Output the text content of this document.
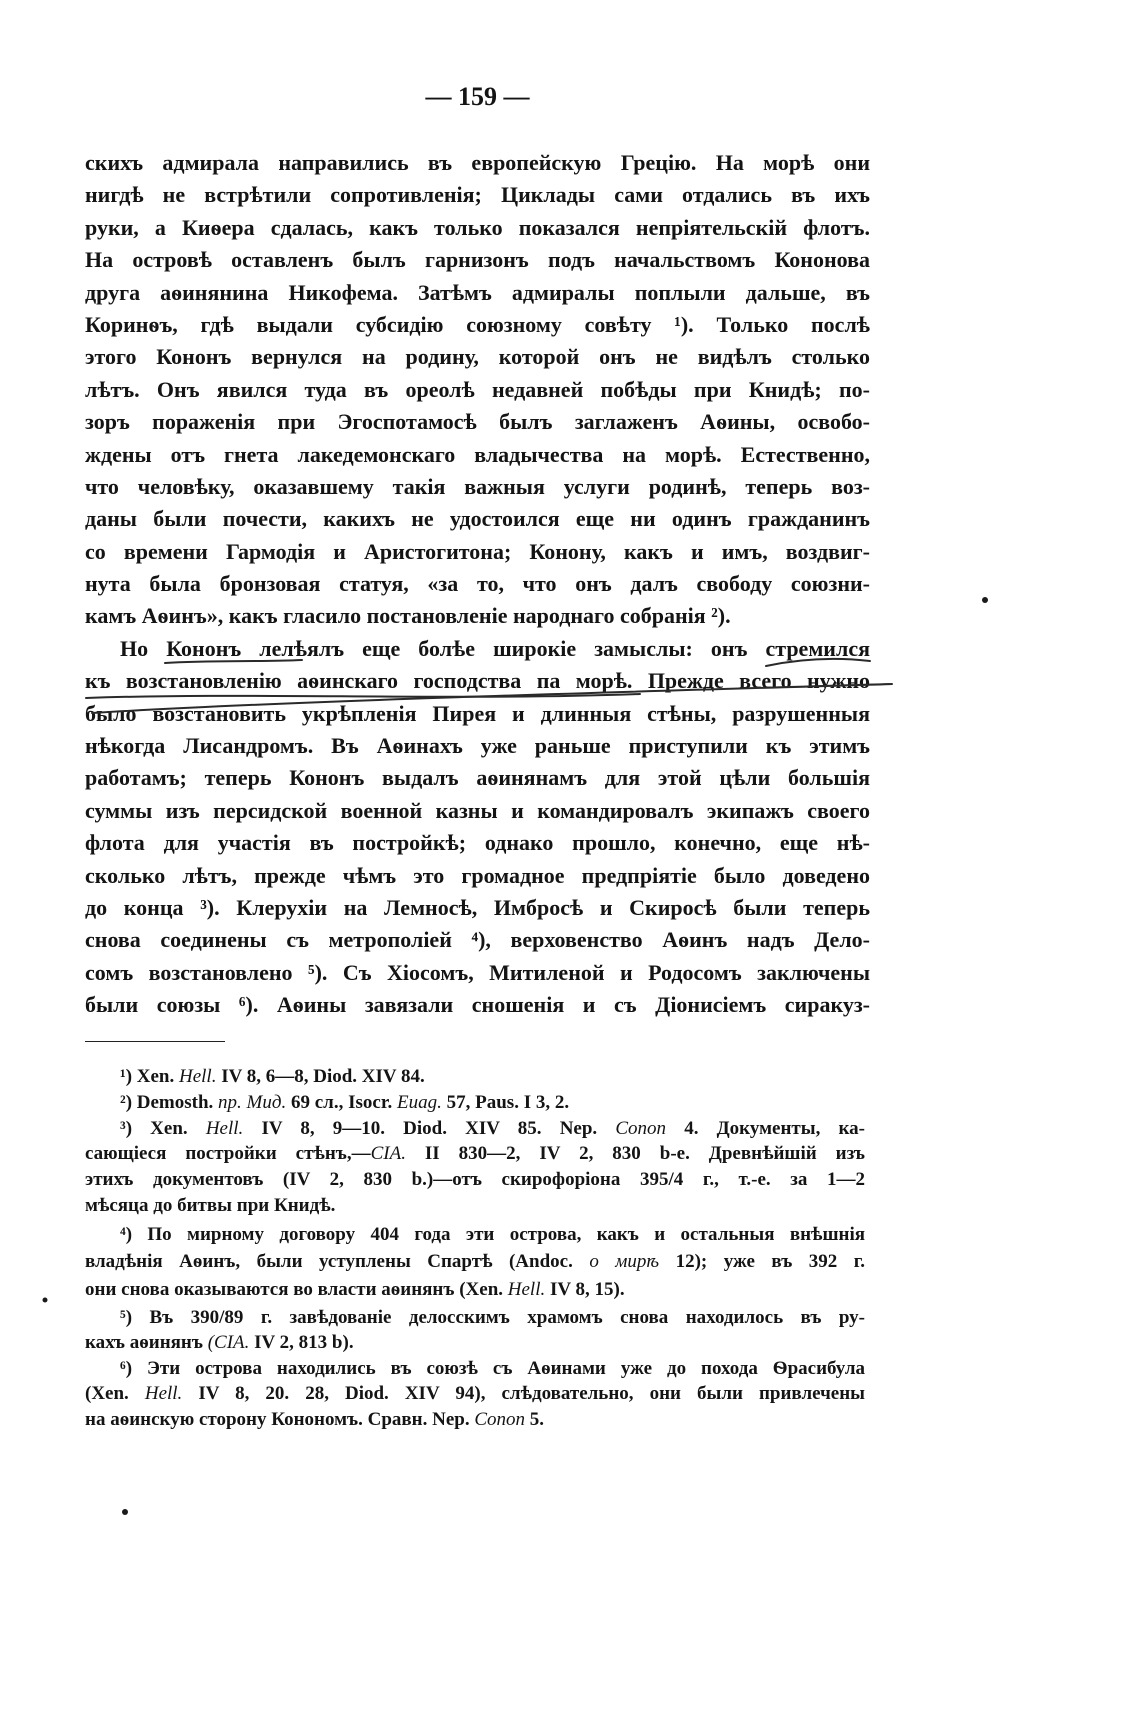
— 159 —
скихъ адмирала направились въ европейскую Грецію. На морѣ они
нигдѣ не встрѣтили сопротивленія; Циклады сами отдались въ ихъ
руки, а Киѳера сдалась, какъ только показался непріятельскій флотъ.
На островѣ оставленъ былъ гарнизонъ подъ начальствомъ Кононова
друга аѳинянина Никофема. Затѣмъ адмиралы поплыли дальше, въ
Коринѳъ, гдѣ выдали субсидію союзному совѣту ¹). Только послѣ
этого Кононъ вернулся на родину, которой онъ не видѣлъ столько
лѣтъ. Онъ явился туда въ ореолѣ недавней побѣды при Книдѣ; по-
зоръ пораженія при Эгоспотамосѣ былъ заглаженъ Аѳины, освобо-
ждены отъ гнета лакедемонскаго владычества на морѣ. Естественно,
что человѣку, оказавшему такія важныя услуги родинѣ, теперь воз-
даны были почести, какихъ не удостоился еще ни одинъ гражданинъ
со времени Гармодія и Аристогитона; Конону, какъ и имъ, воздвиг-
нута была бронзовая статуя, «за то, что онъ далъ свободу союзни-
камъ Аѳинъ», какъ гласило постановленіе народнаго собранія ²).
Но Кононъ лелѣялъ еще болѣе широкіе замыслы: онъ стремился
къ возстановленію аѳинскаго господства па морѣ. Прежде всего нужно
было возстановить укрѣпленія Пирея и длинныя стѣны, разрушенныя
нѣкогда Лисандромъ. Въ Аѳинахъ уже раньше приступили къ этимъ
работамъ; теперь Кононъ выдалъ аѳинянамъ для этой цѣли большія
суммы изъ персидской военной казны и командировалъ экипажъ своего
флота для участія въ постройкѣ; однако прошло, конечно, еще нѣ-
сколько лѣтъ, прежде чѣмъ это громадное предпріятіе было доведено
до конца ³). Клерухіи на Лемносѣ, Имбросѣ и Скиросѣ были теперь
снова соединены съ метрополіей ⁴), верховенство Аѳинъ надъ Дело-
сомъ возстановлено ⁵). Съ Хіосомъ, Митиленой и Родосомъ заключены
были союзы ⁶). Аѳины завязали сношенія и съ Діонисіемъ сиракуз-
¹) Xen. Hell. IV 8, 6—8, Diod. XIV 84.
²) Demosth. пр. Мид. 69 сл., Isocr. Euag. 57, Paus. I 3, 2.
³) Xen. Hell. IV 8, 9—10. Diod. XIV 85. Nep. Conon 4. Документы, ка-
сающіеся постройки стѣнъ,—CIA. II 830—2, IV 2, 830 b-e. Древнѣйшій изъ
этихъ документовъ (IV 2, 830 b.)—отъ скирофоріона 395/4 г., т.-е. за 1—2
мѣсяца до битвы при Книдѣ.
⁴) По мирному договору 404 года эти острова, какъ и остальныя внѣшнія
владѣнія Аѳинъ, были уступлены Спартѣ (Andoc. о мирѣ 12); уже въ 392 г.
они снова оказываются во власти аѳинянъ (Xen. Hell. IV 8, 15).
⁵) Въ 390/89 г. завѣдованіе делосскимъ храмомъ снова находилось въ ру-
кахъ аѳинянъ (CIA. IV 2, 813 b).
⁶) Эти острова находились въ союзѣ съ Аѳинами уже до похода Ѳрасибула
(Xen. Hell. IV 8, 20. 28, Diod. XIV 94), слѣдовательно, они были привлечены
на аѳинскую сторону Конономъ. Сравн. Nep. Conon 5.
